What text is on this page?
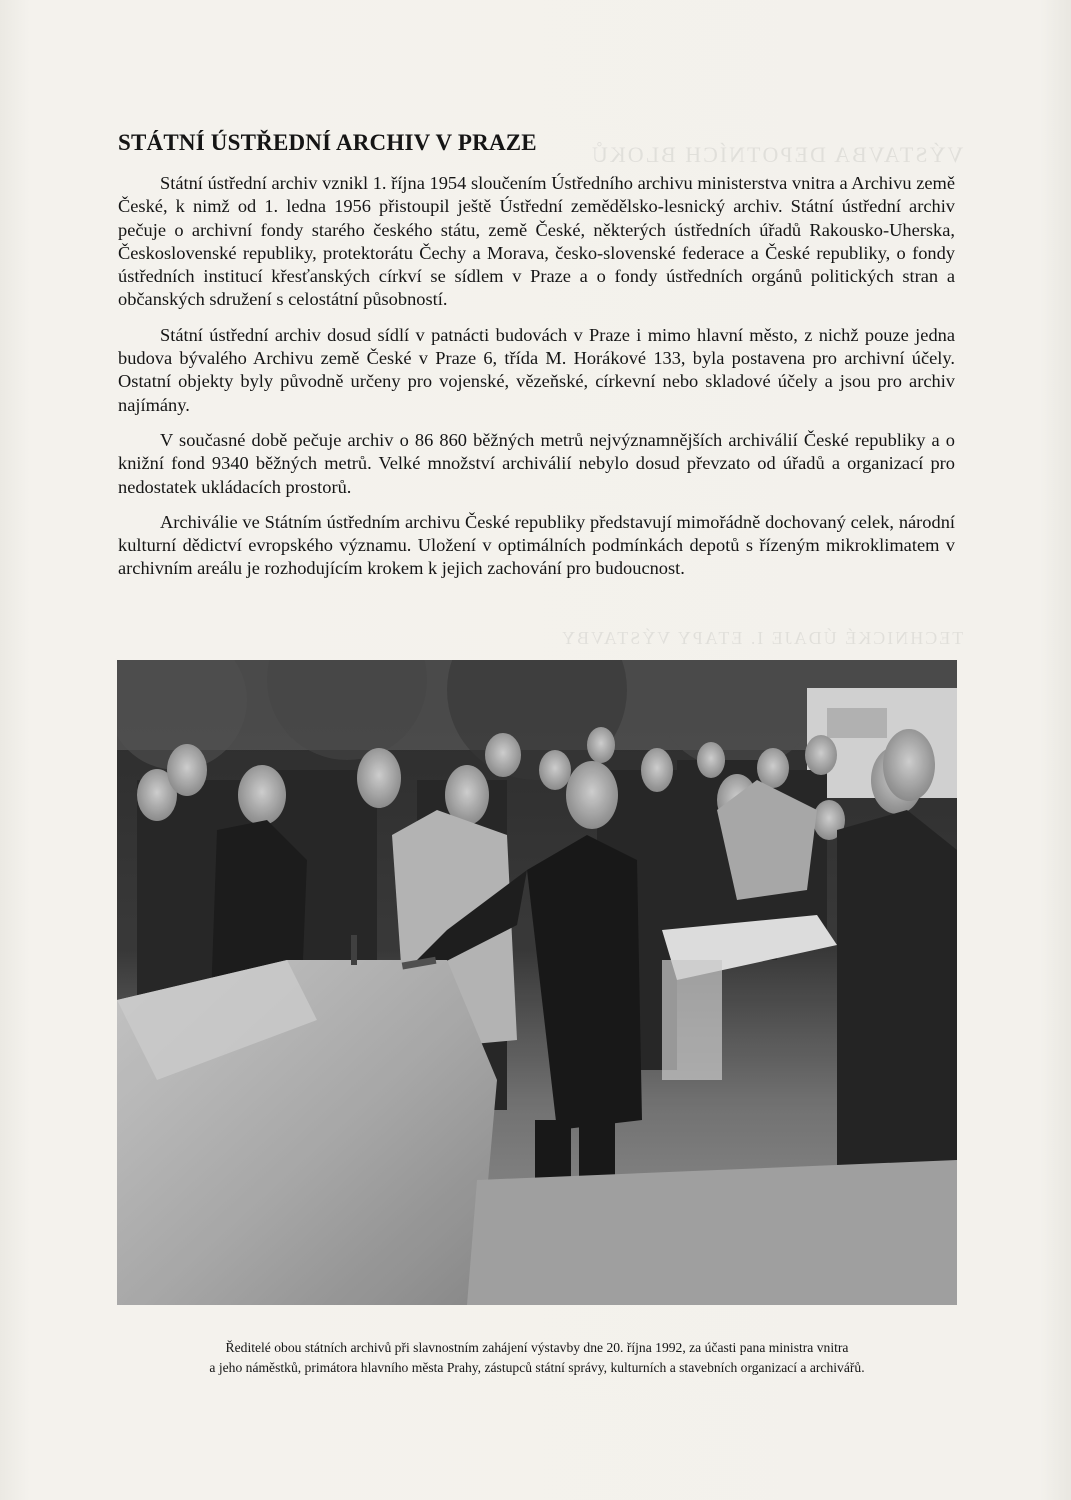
VÝSTAVBA DEPOTNÍCH BLOKŮ
TECHNICKÉ ÚDAJE I. ETAPY VÝSTAVBY
STÁTNÍ ÚSTŘEDNÍ ARCHIV V PRAZE

Státní ústřední archiv vznikl 1. října 1954 sloučením Ústředního archivu ministerstva vnitra a Archivu země České, k nimž od 1. ledna 1956 přistoupil ještě Ústřední zemědělsko-lesnický archiv. Státní ústřední archiv pečuje o archivní fondy starého českého státu, země České, některých ústředních úřadů Rakousko-Uherska, Československé republiky, protektorátu Čechy a Morava, česko-slovenské federace a České republiky, o fondy ústředních institucí křesťanských církví se sídlem v Praze a o fondy ústředních orgánů politických stran a občanských sdružení s celostátní působností.

Státní ústřední archiv dosud sídlí v patnácti budovách v Praze i mimo hlavní město, z nichž pouze jedna budova bývalého Archivu země České v Praze 6, třída M. Horákové 133, byla postavena pro archivní účely. Ostatní objekty byly původně určeny pro vojenské, vězeňské, církevní nebo skladové účely a jsou pro archiv najímány.

V současné době pečuje archiv o 86 860 běžných metrů nejvýznamnějších archiválií České republiky a o knižní fond 9340 běžných metrů. Velké množství archiválií nebylo dosud převzato od úřadů a organizací pro nedostatek ukládacích prostorů.

Archiválie ve Státním ústředním archivu České republiky představují mimořádně dochovaný celek, národní kulturní dědictví evropského významu. Uložení v optimálních podmínkách depotů s řízeným mikroklimatem v archivním areálu je rozhodujícím krokem k jejich zachování pro budoucnost.

Ředitelé obou státních archivů při slavnostním zahájení výstavby dne 20. října 1992, za účasti pana ministra vnitra
a jeho náměstků, primátora hlavního města Prahy, zástupců státní správy, kulturních a stavebních organizací a archivářů.
